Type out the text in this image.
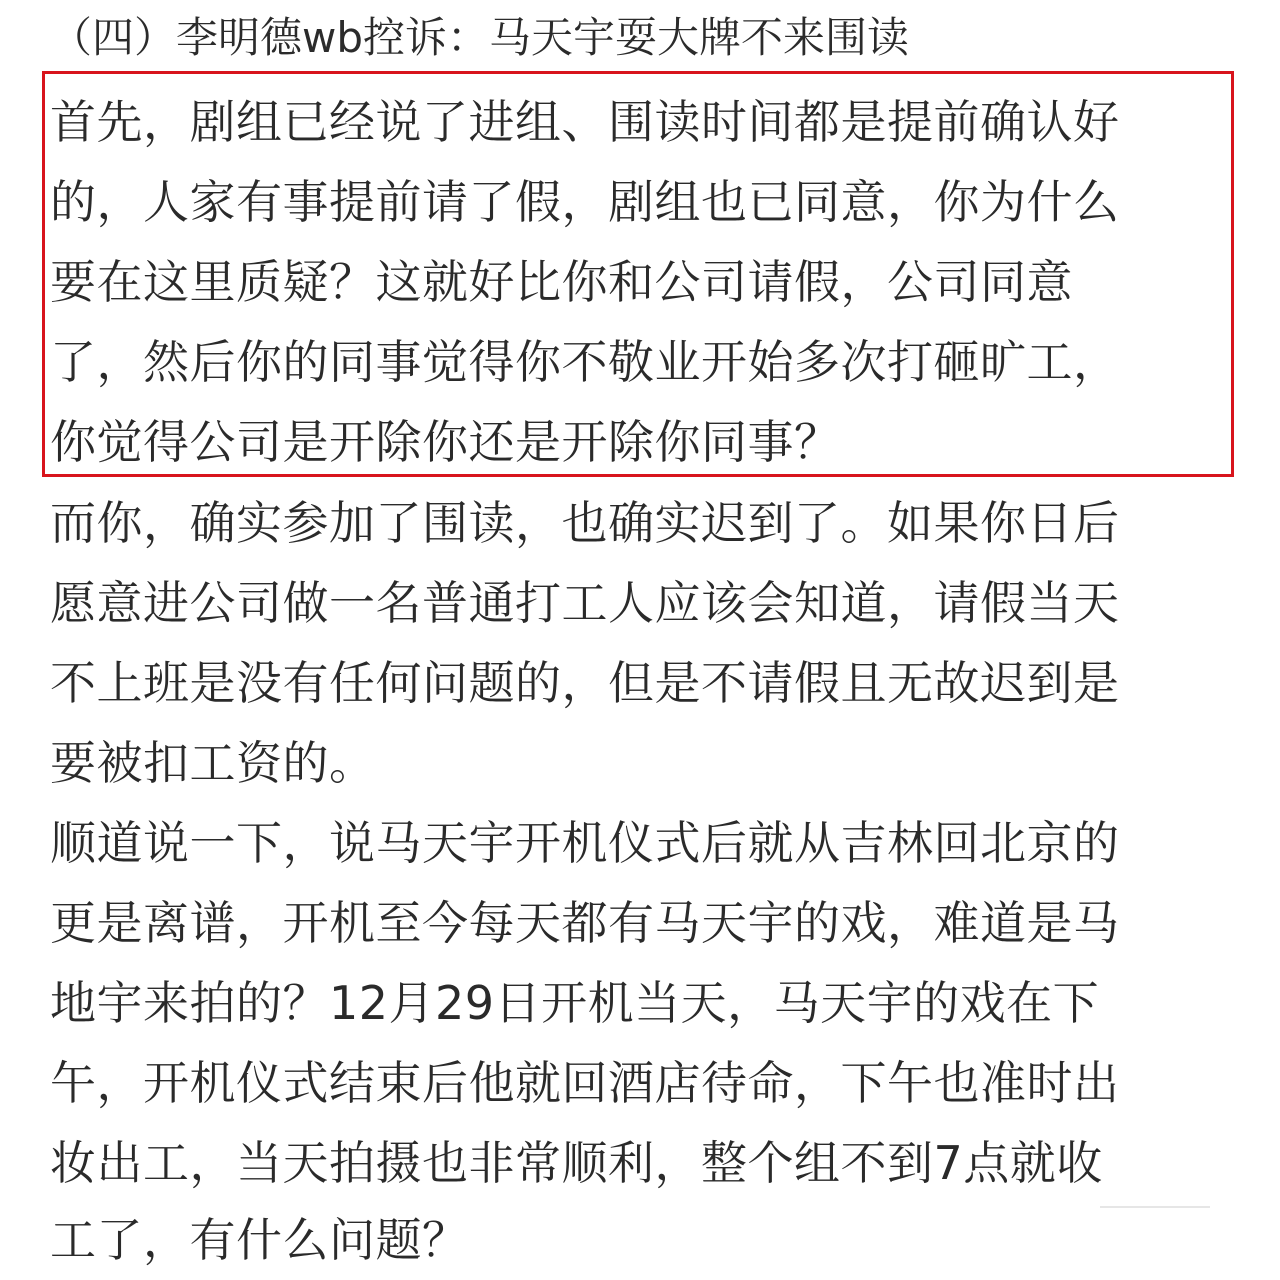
（四）李明德wb控诉：马天宇耍大牌不来围读
首先，剧组已经说了进组、围读时间都是提前确认好
的，人家有事提前请了假，剧组也已同意，你为什么
要在这里质疑？这就好比你和公司请假，公司同意
了，然后你的同事觉得你不敬业开始多次打砸旷工，
你觉得公司是开除你还是开除你同事？
而你，确实参加了围读，也确实迟到了。如果你日后
愿意进公司做一名普通打工人应该会知道，请假当天
不上班是没有任何问题的，但是不请假且无故迟到是
要被扣工资的。
顺道说一下，说马天宇开机仪式后就从吉林回北京的
更是离谱，开机至今每天都有马天宇的戏，难道是马
地宇来拍的？12月29日开机当天，马天宇的戏在下
午，开机仪式结束后他就回酒店待命，下午也准时出
妆出工，当天拍摄也非常顺利，整个组不到7点就收
工了，有什么问题？
